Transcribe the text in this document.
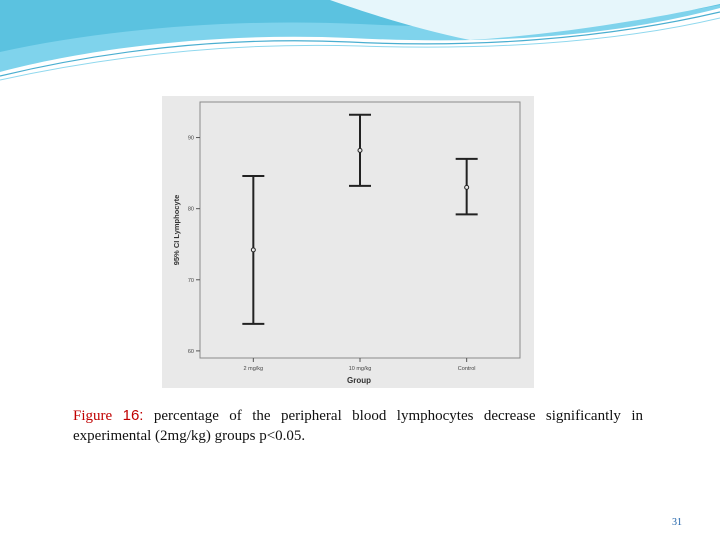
95% CI Lymphocyte
Group
60
70
80
90
2 mg/kg	10 mg/kg	Control
Figure 16: percentage of the peripheral blood lymphocytes decrease significantly in experimental (2mg/kg) groups p<0.05.
31
